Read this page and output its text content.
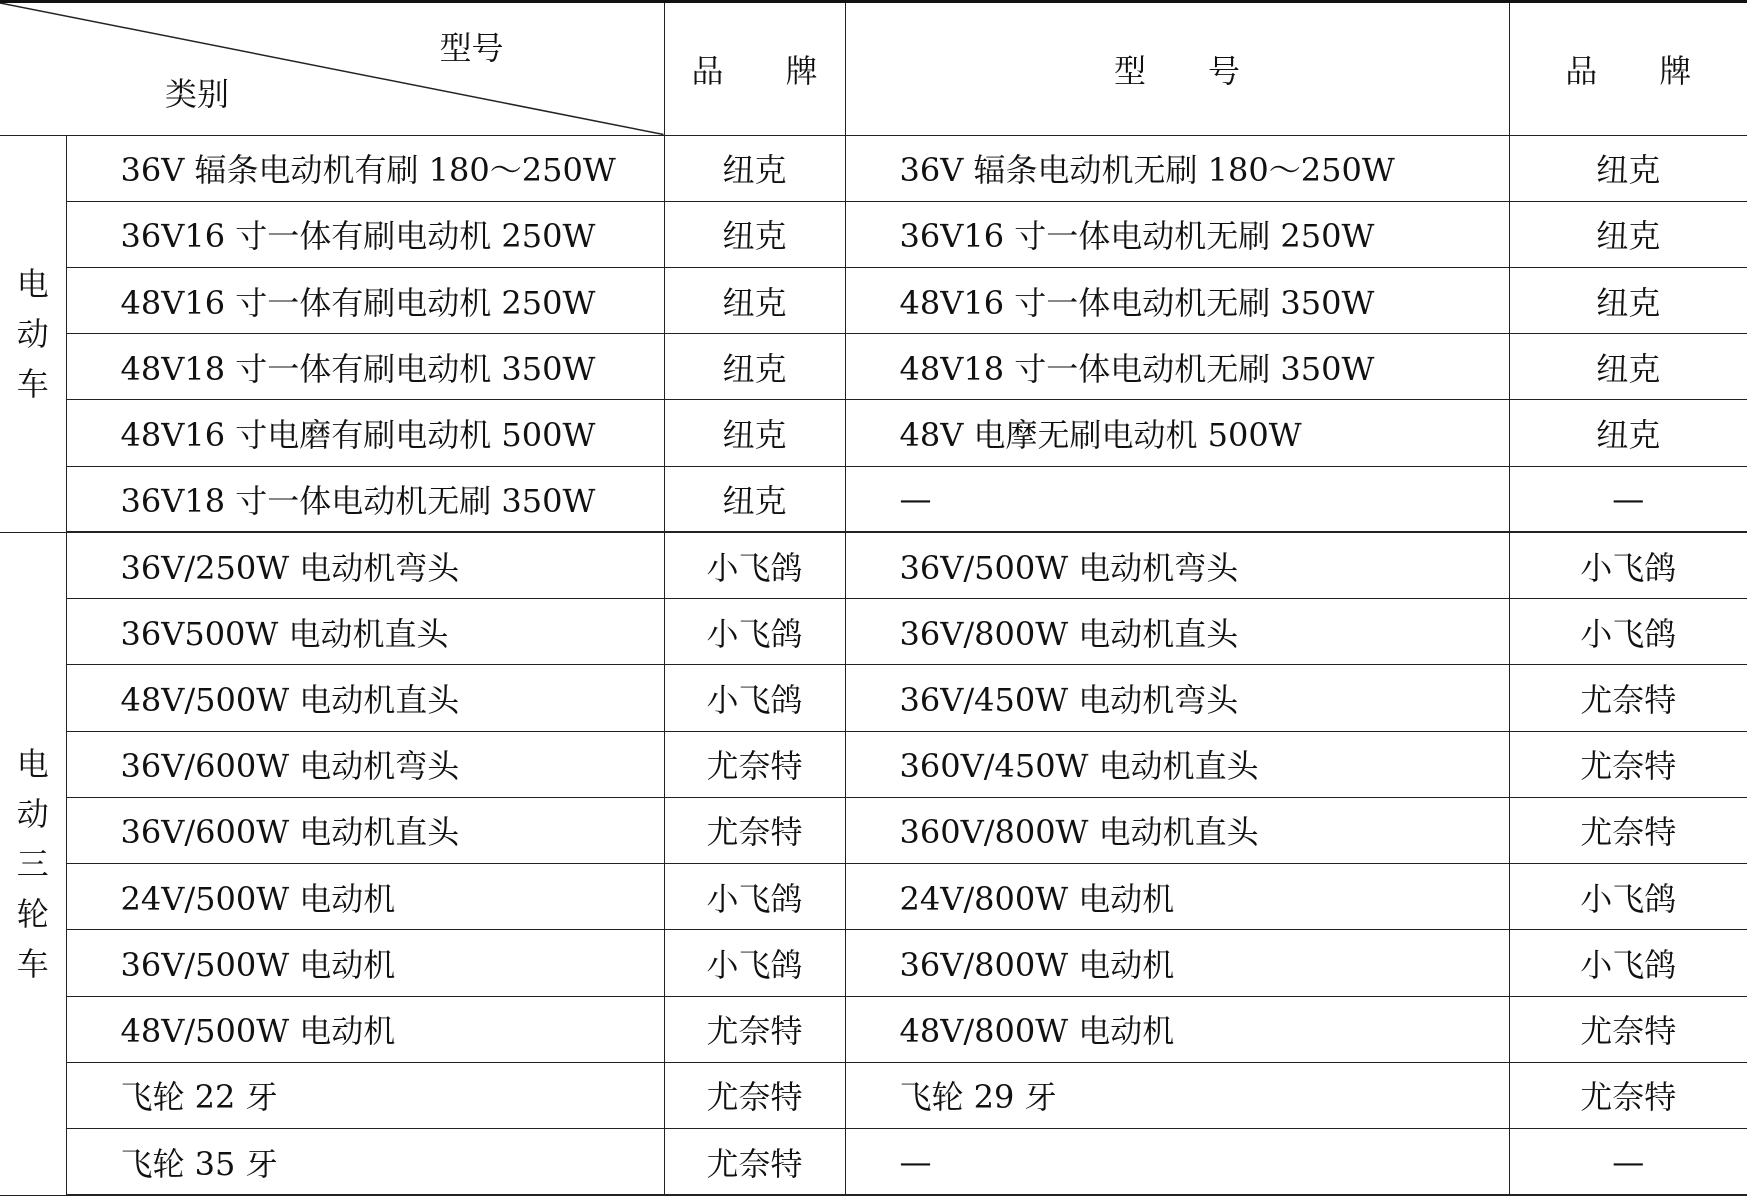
型号
类别		品 牌	型 号	品 牌

电
动
车	36V 辐条电动机有刷 180～250W	纽克	36V 辐条电动机无刷 180～250W	纽克
	36V16 寸一体有刷电动机 250W	纽克	36V16 寸一体电动机无刷 250W	纽克
	48V16 寸一体有刷电动机 250W	纽克	48V16 寸一体电动机无刷 350W	纽克
	48V18 寸一体有刷电动机 350W	纽克	48V18 寸一体电动机无刷 350W	纽克
	48V16 寸电磨有刷电动机 500W	纽克	48V 电摩无刷电动机 500W	纽克
	36V18 寸一体电动机无刷 350W	纽克	—	—

电
动
三
轮
车	36V/250W 电动机弯头	小飞鸽	36V/500W 电动机弯头	小飞鸽
	36V500W 电动机直头	小飞鸽	36V/800W 电动机直头	小飞鸽
	48V/500W 电动机直头	小飞鸽	36V/450W 电动机弯头	尤奈特
	36V/600W 电动机弯头	尤奈特	360V/450W 电动机直头	尤奈特
	36V/600W 电动机直头	尤奈特	360V/800W 电动机直头	尤奈特
	24V/500W 电动机	小飞鸽	24V/800W 电动机	小飞鸽
	36V/500W 电动机	小飞鸽	36V/800W 电动机	小飞鸽
	48V/500W 电动机	尤奈特	48V/800W 电动机	尤奈特
	飞轮 22 牙	尤奈特	飞轮 29 牙	尤奈特
	飞轮 35 牙	尤奈特	—	—
